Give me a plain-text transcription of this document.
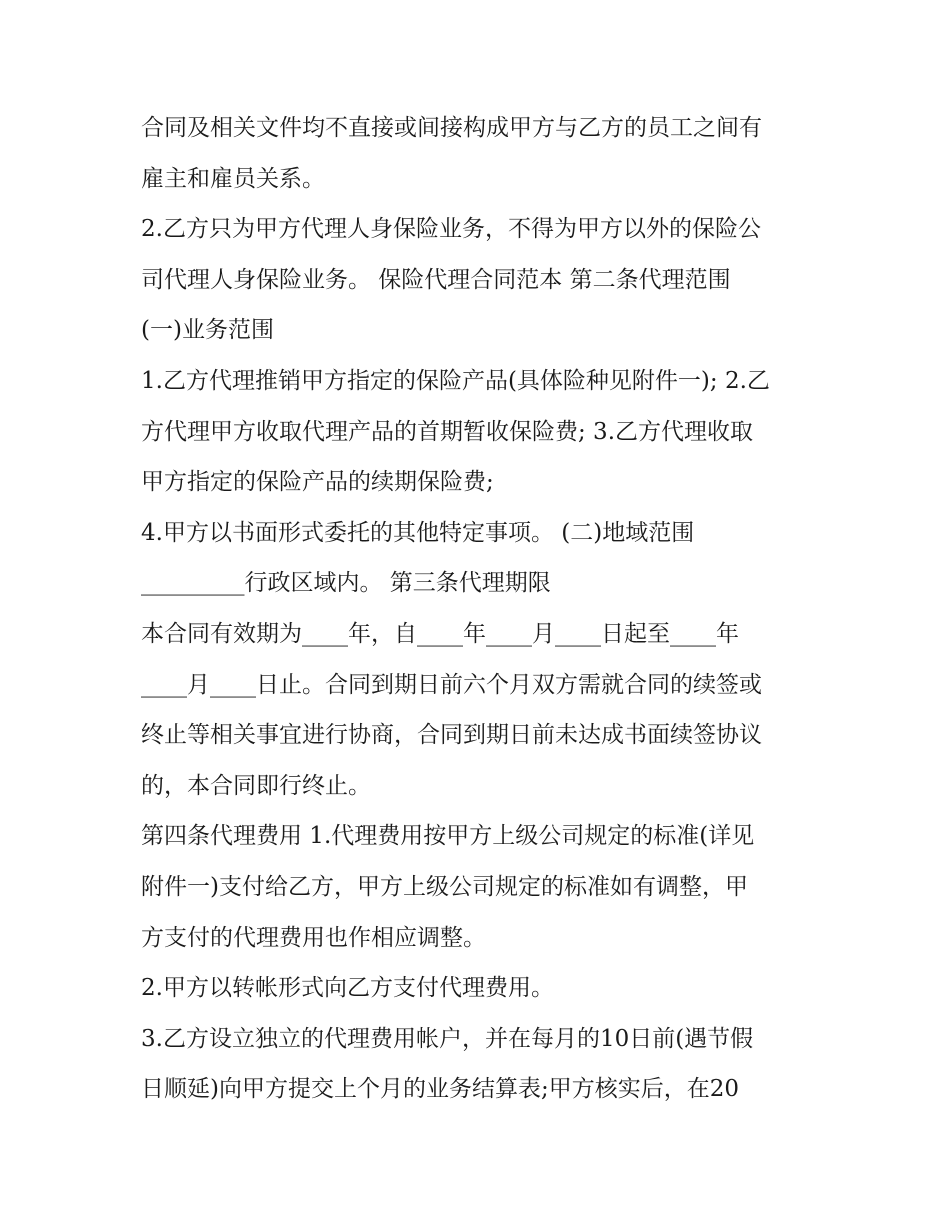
合同及相关文件均不直接或间接构成甲方与乙方的员工之间有
雇主和雇员关系。
2.乙方只为甲方代理人身保险业务，不得为甲方以外的保险公
司代理人身保险业务。 保险代理合同范本 第二条代理范围
(一)业务范围
1.乙方代理推销甲方指定的保险产品(具体险种见附件一); 2.乙
方代理甲方收取代理产品的首期暂收保险费; 3.乙方代理收取
甲方指定的保险产品的续期保险费;
4.甲方以书面形式委托的其他特定事项。 (二)地域范围
_________行政区域内。 第三条代理期限
本合同有效期为____年，自____年____月____日起至____年
____月____日止。合同到期日前六个月双方需就合同的续签或
终止等相关事宜进行协商，合同到期日前未达成书面续签协议
的，本合同即行终止。
第四条代理费用 1.代理费用按甲方上级公司规定的标准(详见
附件一)支付给乙方，甲方上级公司规定的标准如有调整，甲
方支付的代理费用也作相应调整。
2.甲方以转帐形式向乙方支付代理费用。
3.乙方设立独立的代理费用帐户，并在每月的10日前(遇节假
日顺延)向甲方提交上个月的业务结算表;甲方核实后，在20
